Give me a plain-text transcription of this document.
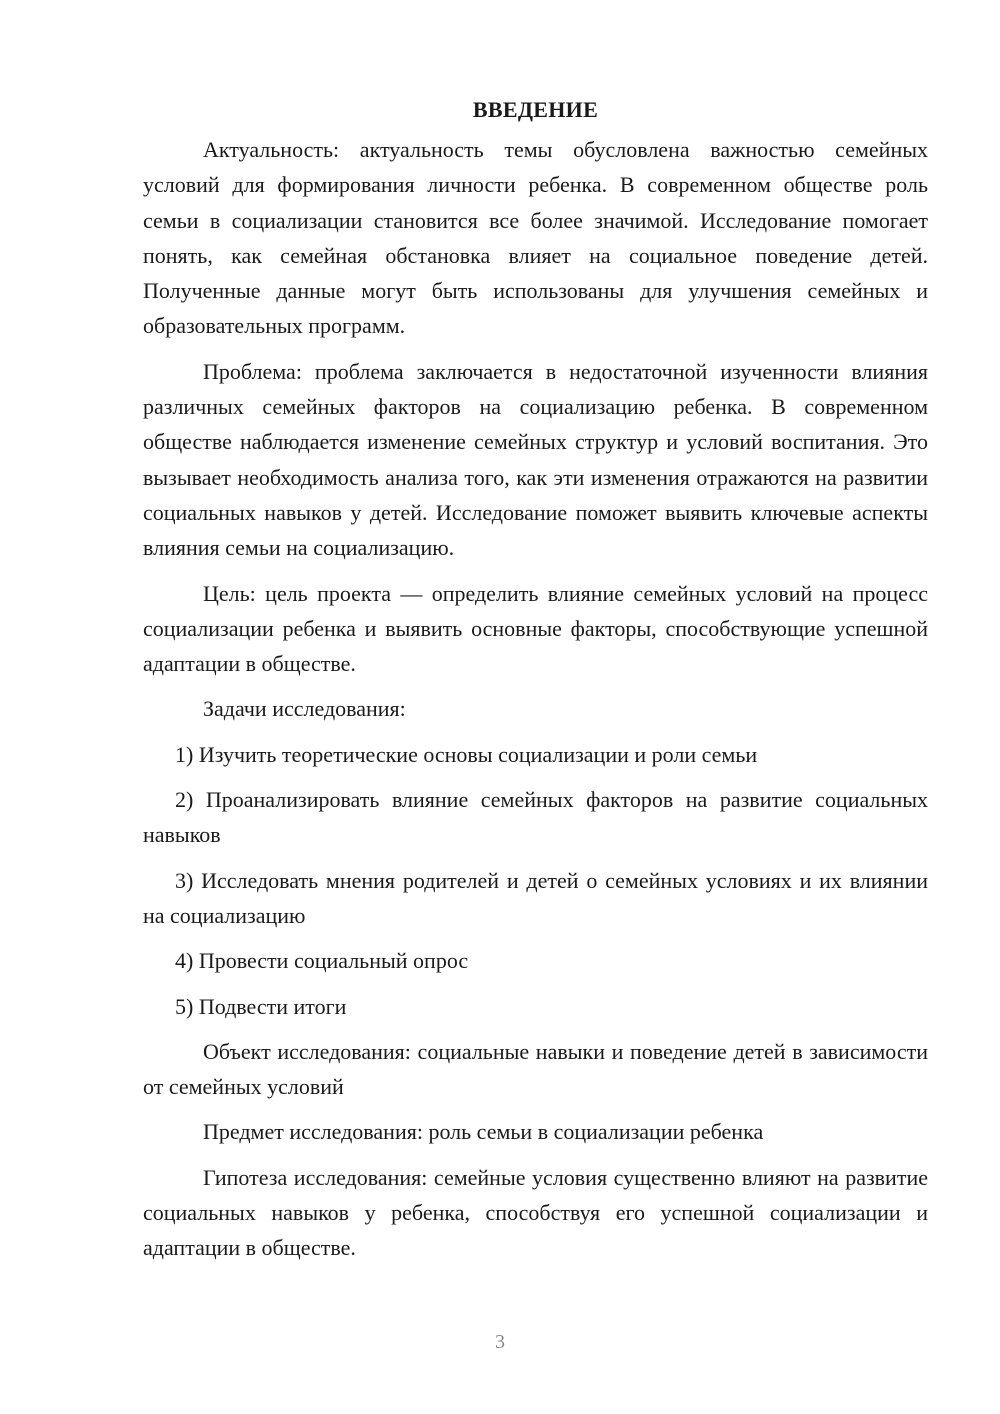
ВВЕДЕНИЕ

Актуальность: актуальность темы обусловлена важностью семейных условий для формирования личности ребенка. В современном обществе роль семьи в социализации становится все более значимой. Исследование помогает понять, как семейная обстановка влияет на социальное поведение детей. Полученные данные могут быть использованы для улучшения семейных и образовательных программ.

Проблема: проблема заключается в недостаточной изученности влияния различных семейных факторов на социализацию ребенка. В современном обществе наблюдается изменение семейных структур и условий воспитания. Это вызывает необходимость анализа того, как эти изменения отражаются на развитии социальных навыков у детей. Исследование поможет выявить ключевые аспекты влияния семьи на социализацию.

Цель: цель проекта — определить влияние семейных условий на процесс социализации ребенка и выявить основные факторы, способствующие успешной адаптации в обществе.

Задачи исследования:

1) Изучить теоретические основы социализации и роли семьи

2) Проанализировать влияние семейных факторов на развитие социальных навыков

3) Исследовать мнения родителей и детей о семейных условиях и их влиянии на социализацию

4) Провести социальный опрос

5) Подвести итоги

Объект исследования: социальные навыки и поведение детей в зависимости от семейных условий

Предмет исследования: роль семьи в социализации ребенка

Гипотеза исследования: семейные условия существенно влияют на развитие социальных навыков у ребенка, способствуя его успешной социализации и адаптации в обществе.

3
